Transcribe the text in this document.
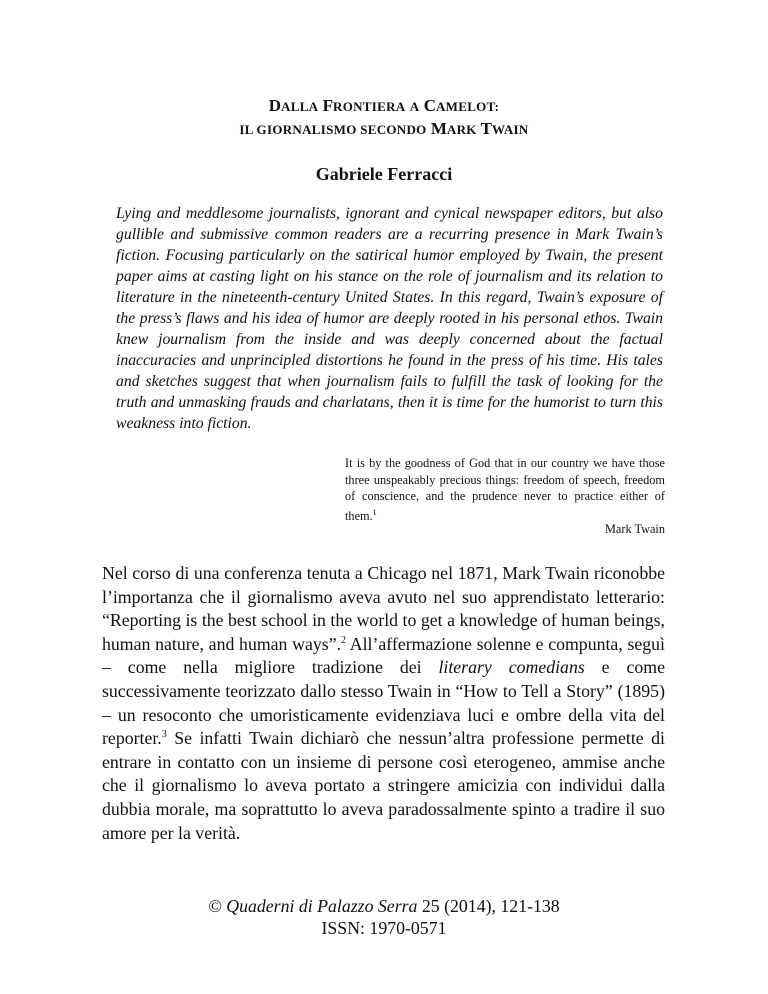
DALLA FRONTIERA A CAMELOT:
IL GIORNALISMO SECONDO MARK TWAIN

Gabriele Ferracci

Lying and meddlesome journalists, ignorant and cynical newspaper editors, but also gullible and submissive common readers are a recurring presence in Mark Twain’s fiction. Focusing particularly on the satirical humor employed by Twain, the present paper aims at casting light on his stance on the role of journalism and its relation to literature in the nineteenth-century United States. In this regard, Twain’s exposure of the press’s flaws and his idea of humor are deeply rooted in his personal ethos. Twain knew journalism from the inside and was deeply concerned about the factual inaccuracies and unprincipled distortions he found in the press of his time. His tales and sketches suggest that when journalism fails to fulfill the task of looking for the truth and unmasking frauds and charlatans, then it is time for the humorist to turn this weakness into fiction.

It is by the goodness of God that in our country we have those three unspeakably precious things: freedom of speech, freedom of conscience, and the prudence never to practice either of them.$^1$

Mark Twain

Nel corso di una conferenza tenuta a Chicago nel 1871, Mark Twain riconobbe l’importanza che il giornalismo aveva avuto nel suo apprendistato letterario: “Reporting is the best school in the world to get a knowledge of human beings, human nature, and human ways”.$^2$ All’affermazione solenne e compunta, seguì – come nella migliore tradizione dei literary comedians e come successivamente teorizzato dallo stesso Twain in “How to Tell a Story” (1895) – un resoconto che umoristicamente evidenziava luci e ombre della vita del reporter.$^3$ Se infatti Twain dichiarò che nessun’altra professione permette di entrare in contatto con un insieme di persone così eterogeneo, ammise anche che il giornalismo lo aveva portato a stringere amicizia con individui dalla dubbia morale, ma soprattutto lo aveva paradossalmente spinto a tradire il suo amore per la verità.

© Quaderni di Palazzo Serra 25 (2014), 121-138
ISSN: 1970-0571
